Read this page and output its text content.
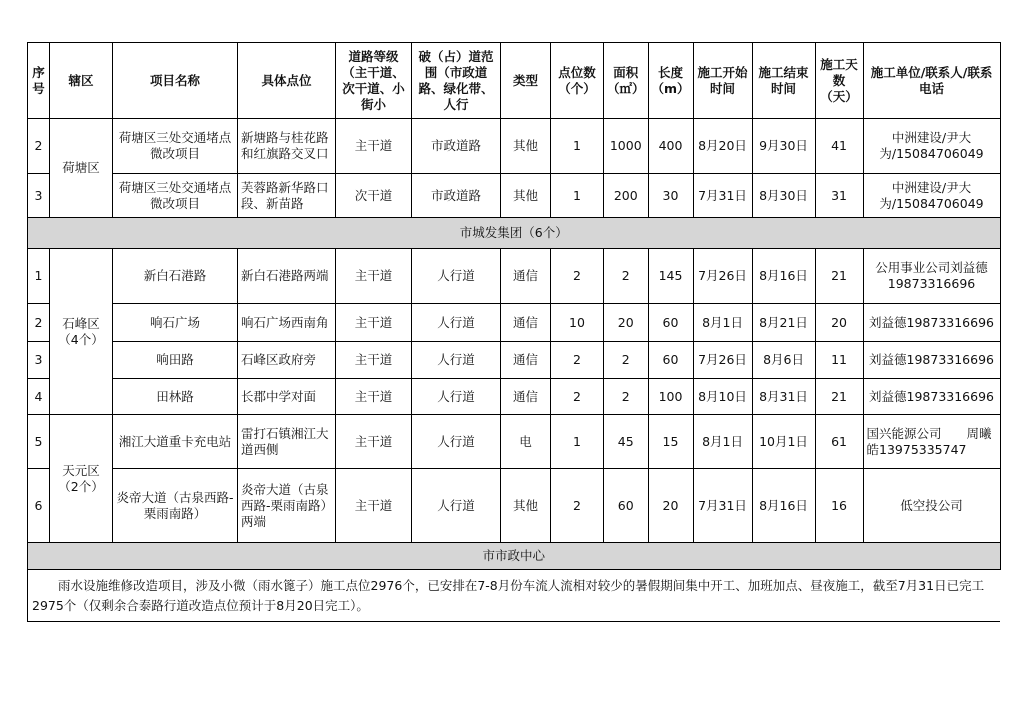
序号	辖区	项目名称	具体点位	道路等级（主干道、次干道、小街小	破（占）道范围（市政道路、绿化带、人行	类型	点位数（个）	面积（㎡）	长度（m）	施工开始时间	施工结束时间	施工天数（天）	施工单位/联系人/联系电话
2	荷塘区	荷塘区三处交通堵点微改项目	新塘路与桂花路和红旗路交叉口	主干道	市政道路	其他	1	1000	400	8月20日	9月30日	41	中洲建设/尹大为/15084706049
3		荷塘区三处交通堵点微改项目	芙蓉路新华路口段、新苗路	次干道	市政道路	其他	1	200	30	7月31日	8月30日	31	中洲建设/尹大为/15084706049
市城发集团（6个）													
1	石峰区（4个）	新白石港路	新白石港路两端	主干道	人行道	通信	2	2	145	7月26日	8月16日	21	公用事业公司刘益德19873316696
2		响石广场	响石广场西南角	主干道	人行道	通信	10	20	60	8月1日	8月21日	20	刘益德19873316696
3		响田路	石峰区政府旁	主干道	人行道	通信	2	2	60	7月26日	8月6日	11	刘益德19873316696
4		田林路	长郡中学对面	主干道	人行道	通信	2	2	100	8月10日	8月31日	21	刘益德19873316696
5	天元区（2个）	湘江大道重卡充电站	雷打石镇湘江大道西侧	主干道	人行道	电	1	45	15	8月1日	10月1日	61	国兴能源公司　　周曦皓13975335747
6		炎帝大道（古泉西路-栗雨南路）	炎帝大道（古泉西路-栗雨南路）两端	主干道	人行道	其他	2	60	20	7月31日	8月16日	16	低空投公司
市市政中心													
雨水设施维修改造项目，涉及小微（雨水篦子）施工点位2976个，已安排在7-8月份车流人流相对较少的暑假期间集中开工、加班加点、昼夜施工，截至7月31日已完工2975个（仅剩余合泰路行道改造点位预计于8月20日完工）。													
